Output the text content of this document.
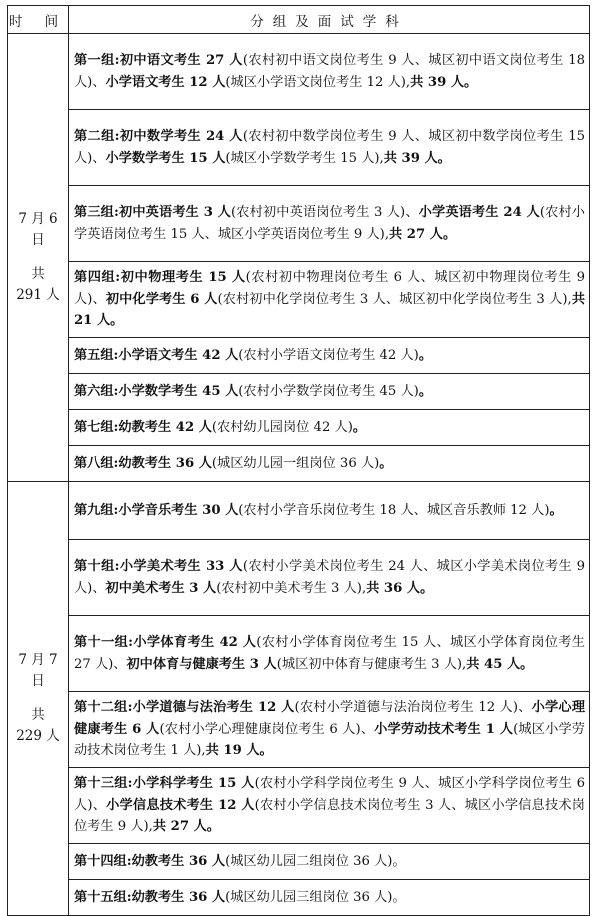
时 间	分组及面试学科

7 月 6
日
共
291 人	第一组:初中语文考生 27 人(农村初中语文岗位考生 9 人、城区初中语文岗位考生 18 人)、小学语文考生 12 人(城区小学语文岗位考生 12 人),共 39 人。
	第二组:初中数学考生 24 人(农村初中数学岗位考生 9 人、城区初中数学岗位考生 15 人)、小学数学考生 15 人(城区小学数学考生 15 人),共 39 人。
	第三组:初中英语考生 3 人(农村初中英语岗位考生 3 人)、小学英语考生 24 人(农村小学英语岗位考生 15 人、城区小学英语岗位考生 9 人),共 27 人。
	第四组:初中物理考生 15 人(农村初中物理岗位考生 6 人、城区初中物理岗位考生 9 人)、初中化学考生 6 人(农村初中化学岗位考生 3 人、城区初中化学岗位考生 3 人),共 21 人。
	第五组:小学语文考生 42 人(农村小学语文岗位考生 42 人)。
	第六组:小学数学考生 45 人(农村小学数学岗位考生 45 人)。
	第七组:幼教考生 42 人(农村幼儿园岗位 42 人)。
	第八组:幼教考生 36 人(城区幼儿园一组岗位 36 人)。

7 月 7
日
共
229 人	第九组:小学音乐考生 30 人(农村小学音乐岗位考生 18 人、城区音乐教师 12 人)。
	第十组:小学美术考生 33 人(农村小学美术岗位考生 24 人、城区小学美术岗位考生 9 人)、初中美术考生 3 人(农村初中美术考生 3 人),共 36 人。
	第十一组:小学体育考生 42 人(农村小学体育岗位考生 15 人、城区小学体育岗位考生 27 人)、初中体育与健康考生 3 人(城区初中体育与健康考生 3 人),共 45 人。
	第十二组:小学道德与法治考生 12 人(农村小学道德与法治岗位考生 12 人)、小学心理健康考生 6 人(农村小学心理健康岗位考生 6 人)、小学劳动技术考生 1 人(城区小学劳动技术岗位考生 1 人),共 19 人。
	第十三组:小学科学考生 15 人(农村小学科学岗位考生 9 人、城区小学科学岗位考生 6 人)、小学信息技术考生 12 人(农村小学信息技术岗位考生 3 人、城区小学信息技术岗位考生 9 人),共 27 人。
	第十四组:幼教考生 36 人(城区幼儿园二组岗位 36 人)。
	第十五组:幼教考生 36 人(城区幼儿园三组岗位 36 人)。
